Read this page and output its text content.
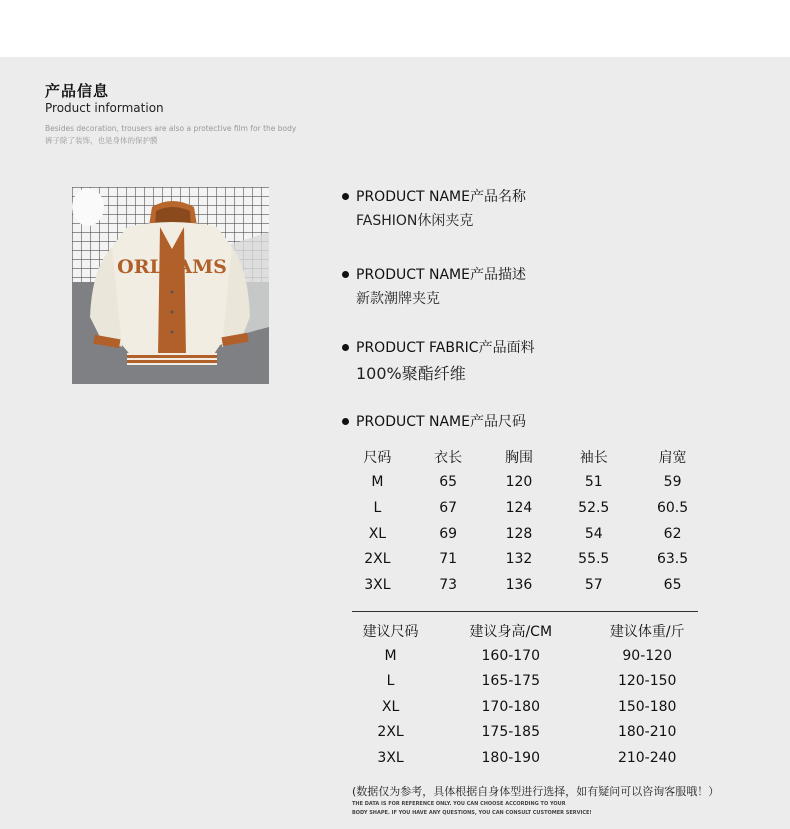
产品信息
Product information
Besides decoration, trousers are also a protective film for the body
裤子除了装饰，也是身体的保护膜
ORLEAMS
PRODUCT NAME产品名称
FASHION休闲夹克
PRODUCT NAME产品描述
新款潮牌夹克
PRODUCT FABRIC产品面料
100%聚酯纤维
PRODUCT NAME产品尺码
尺码	衣长	胸围	袖长	肩宽
M	65	120	51	59
L	67	124	52.5	60.5
XL	69	128	54	62
2XL	71	132	55.5	63.5
3XL	73	136	57	65
建议尺码	建议身高/CM	建议体重/斤
M	160-170	90-120
L	165-175	120-150
XL	170-180	150-180
2XL	175-185	180-210
3XL	180-190	210-240
(数据仅为参考，具体根据自身体型进行选择，如有疑问可以咨询客服哦！）
THE DATA IS FOR REFERENCE ONLY. YOU CAN CHOOSE ACCORDING TO YOUR
BODY SHAPE. IF YOU HAVE ANY QUESTIONS, YOU CAN CONSULT CUSTOMER SERVICE!
